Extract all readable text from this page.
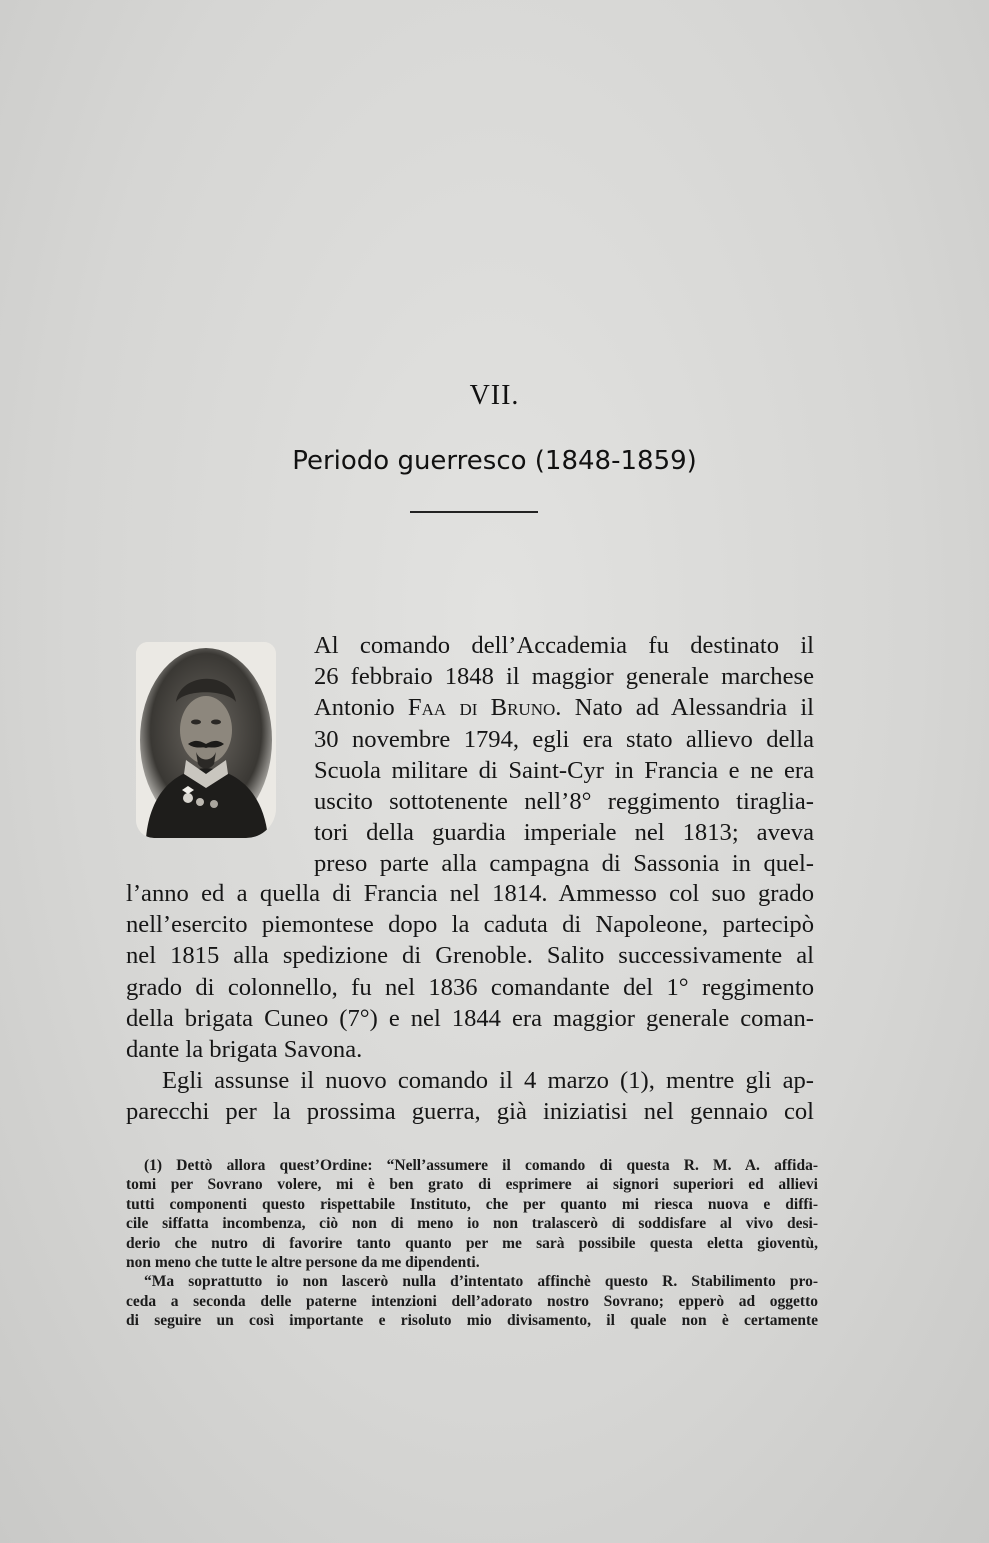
VII.
Periodo guerresco (1848-1859)
Al comando dell’Accademia fu destinato il
26 febbraio 1848 il maggior generale marchese
Antonio Faa di Bruno. Nato ad Alessandria il
30 novembre 1794, egli era stato allievo della
Scuola militare di Saint-Cyr in Francia e ne era
uscito sottotenente nell’8° reggimento tiraglia-
tori della guardia imperiale nel 1813; aveva
preso parte alla campagna di Sassonia in quel-
l’anno ed a quella di Francia nel 1814. Ammesso col suo grado
nell’esercito piemontese dopo la caduta di Napoleone, partecipò
nel 1815 alla spedizione di Grenoble. Salito successivamente al
grado di colonnello, fu nel 1836 comandante del 1° reggimento
della brigata Cuneo (7°) e nel 1844 era maggior generale coman-
dante la brigata Savona.
Egli assunse il nuovo comando il 4 marzo (1), mentre gli ap-
parecchi per la prossima guerra, già iniziatisi nel gennaio col
(1) Dettò allora quest’Ordine: “Nell’assumere il comando di questa R. M. A. affida-
tomi per Sovrano volere, mi è ben grato di esprimere ai signori superiori ed allievi
tutti componenti questo rispettabile Instituto, che per quanto mi riesca nuova e diffi-
cile siffatta incombenza, ciò non di meno io non tralascerò di soddisfare al vivo desi-
derio che nutro di favorire tanto quanto per me sarà possibile questa eletta gioventù,
non meno che tutte le altre persone da me dipendenti.
“Ma soprattutto io non lascerò nulla d’intentato affinchè questo R. Stabilimento pro-
ceda a seconda delle paterne intenzioni dell’adorato nostro Sovrano; epperò ad oggetto
di seguire un così importante e risoluto mio divisamento, il quale non è certamente
